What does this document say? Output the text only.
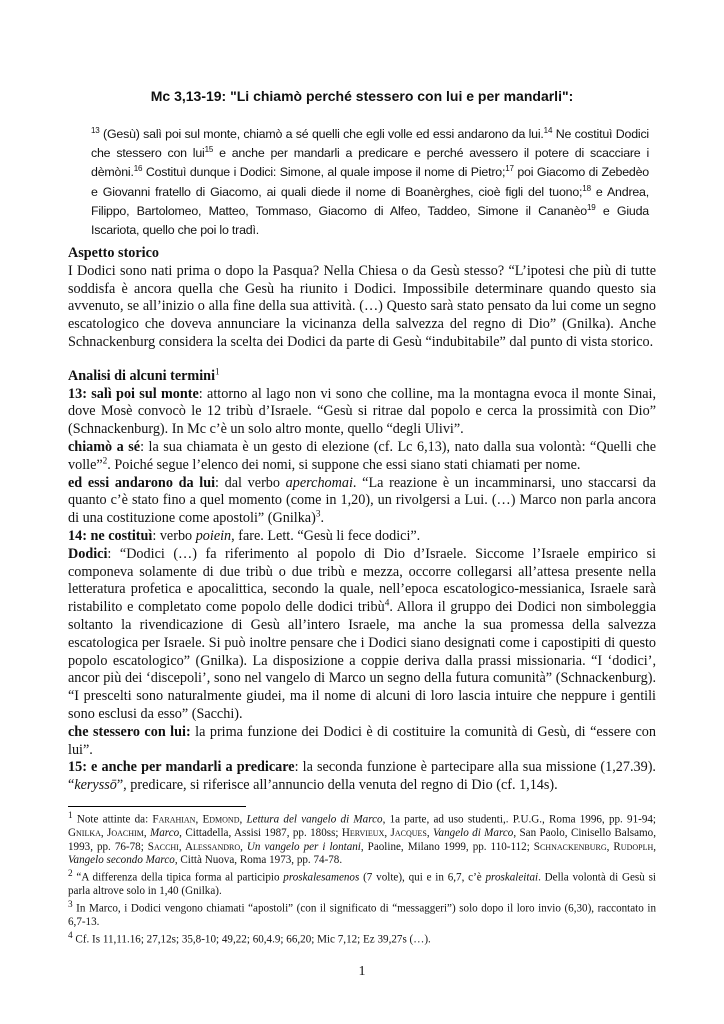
Mc 3,13-19: "Li chiamò perché stessero con lui e per mandarli":
$^{13}$ (Gesù) salì poi sul monte, chiamò a sé quelli che egli volle ed essi andarono da lui.$^{14}$ Ne costituì Dodici che stessero con lui$^{15}$ e anche per mandarli a predicare e perché avessero il potere di scacciare i dèmòni.$^{16}$ Costituì dunque i Dodici: Simone, al quale impose il nome di Pietro;$^{17}$ poi Giacomo di Zebedèo e Giovanni fratello di Giacomo, ai quali diede il nome di Boanèrghes, cioè figli del tuono;$^{18}$ e Andrea, Filippo, Bartolomeo, Matteo, Tommaso, Giacomo di Alfeo, Taddeo, Simone il Cananèo$^{19}$ e Giuda Iscariota, quello che poi lo tradì.

Aspetto storico

I Dodici sono nati prima o dopo la Pasqua? Nella Chiesa o da Gesù stesso? “L’ipotesi che più di tutte soddisfa è ancora quella che Gesù ha riunito i Dodici. Impossibile determinare quando questo sia avvenuto, se all’inizio o alla fine della sua attività. (…) Questo sarà stato pensato da lui come un segno escatologico che doveva annunciare la vicinanza della salvezza del regno di Dio” (Gnilka). Anche Schnackenburg considera la scelta dei Dodici da parte di Gesù “indubitabile” dal punto di vista storico.

Analisi di alcuni termini$^1$

13: salì poi sul monte: attorno al lago non vi sono che colline, ma la montagna evoca il monte Sinai, dove Mosè convocò le 12 tribù d’Israele. “Gesù si ritrae dal popolo e cerca la prossimità con Dio” (Schnackenburg). In Mc c’è un solo altro monte, quello “degli Ulivi”.

chiamò a sé: la sua chiamata è un gesto di elezione (cf. Lc 6,13), nato dalla sua volontà: “Quelli che volle”$^2$. Poiché segue l’elenco dei nomi, si suppone che essi siano stati chiamati per nome.

ed essi andarono da lui: dal verbo aperchomai. “La reazione è un incamminarsi, uno staccarsi da quanto c’è stato fino a quel momento (come in 1,20), un rivolgersi a Lui. (…) Marco non parla ancora di una costituzione come apostoli” (Gnilka)$^3$.

14: ne costituì: verbo poiein, fare. Lett. “Gesù li fece dodici”.

Dodici: “Dodici (…) fa riferimento al popolo di Dio d’Israele. Siccome l’Israele empirico si componeva solamente di due tribù o due tribù e mezza, occorre collegarsi all’attesa presente nella letteratura profetica e apocalittica, secondo la quale, nell’epoca escatologico-messianica, Israele sarà ristabilito e completato come popolo delle dodici tribù$^4$. Allora il gruppo dei Dodici non simboleggia soltanto la rivendicazione di Gesù all’intero Israele, ma anche la sua promessa della salvezza escatologica per Israele. Si può inoltre pensare che i Dodici siano designati come i capostipiti di questo popolo escatologico” (Gnilka). La disposizione a coppie deriva dalla prassi missionaria. “I ‘dodici’, ancor più dei ‘discepoli’, sono nel vangelo di Marco un segno della futura comunità” (Schnackenburg). “I prescelti sono naturalmente giudei, ma il nome di alcuni di loro lascia intuire che neppure i gentili sono esclusi da esso” (Sacchi).

che stessero con lui: la prima funzione dei Dodici è di costituire la comunità di Gesù, di “essere con lui”.

15: e anche per mandarli a predicare: la seconda funzione è partecipare alla sua missione (1,27.39). “keryssō”, predicare, si riferisce all’annuncio della venuta del regno di Dio (cf. 1,14s).

$^1$ Note attinte da: Farahian, Edmond, Lettura del vangelo di Marco, 1a parte, ad uso studenti,. P.U.G., Roma 1996, pp. 91-94; Gnilka, Joachim, Marco, Cittadella, Assisi 1987, pp. 180ss; Hervieux, Jacques, Vangelo di Marco, San Paolo, Cinisello Balsamo, 1993, pp. 76-78; Sacchi, Alessandro, Un vangelo per i lontani, Paoline, Milano 1999, pp. 110-112; Schnackenburg, Rudoplh, Vangelo secondo Marco, Città Nuova, Roma 1973, pp. 74-78.

$^2$ “A differenza della tipica forma al participio proskalesamenos (7 volte), qui e in 6,7, c’è proskaleitai. Della volontà di Gesù si parla altrove solo in 1,40 (Gnilka).

$^3$ In Marco, i Dodici vengono chiamati “apostoli” (con il significato di “messaggeri”) solo dopo il loro invio (6,30), raccontato in 6,7-13.

$^4$ Cf. Is 11,11.16; 27,12s; 35,8-10; 49,22; 60,4.9; 66,20; Mic 7,12; Ez 39,27s (…).

1
